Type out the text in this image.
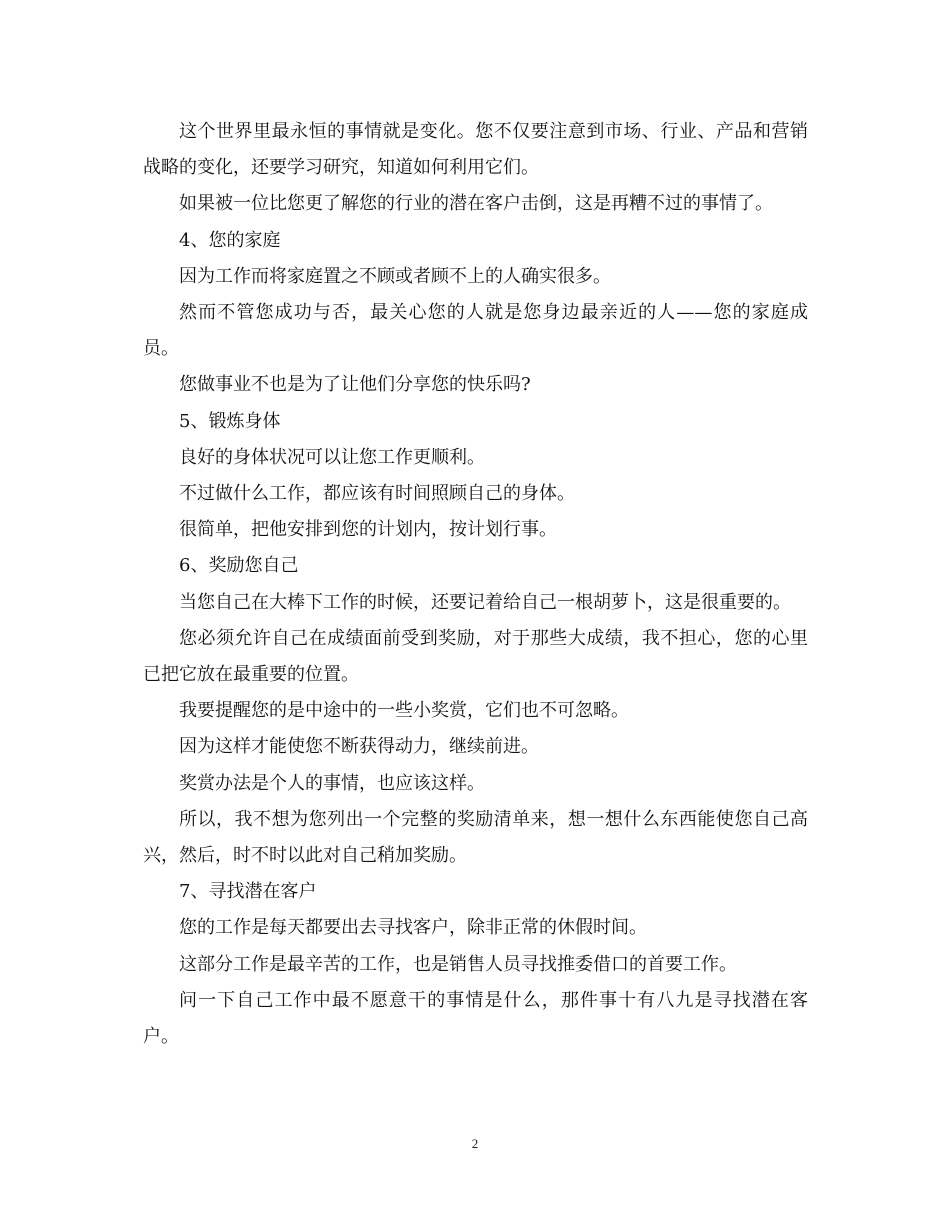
这个世界里最永恒的事情就是变化。您不仅要注意到市场、行业、产品和营销战略的变化，还要学习研究，知道如何利用它们。

如果被一位比您更了解您的行业的潜在客户击倒，这是再糟不过的事情了。

4、您的家庭

因为工作而将家庭置之不顾或者顾不上的人确实很多。

然而不管您成功与否，最关心您的人就是您身边最亲近的人——您的家庭成员。

您做事业不也是为了让他们分享您的快乐吗?

5、锻炼身体

良好的身体状况可以让您工作更顺利。

不过做什么工作，都应该有时间照顾自己的身体。

很简单，把他安排到您的计划内，按计划行事。

6、奖励您自己

当您自己在大棒下工作的时候，还要记着给自己一根胡萝卜，这是很重要的。

您必须允许自己在成绩面前受到奖励，对于那些大成绩，我不担心，您的心里已把它放在最重要的位置。

我要提醒您的是中途中的一些小奖赏，它们也不可忽略。

因为这样才能使您不断获得动力，继续前进。

奖赏办法是个人的事情，也应该这样。

所以，我不想为您列出一个完整的奖励清单来，想一想什么东西能使您自己高兴，然后，时不时以此对自己稍加奖励。

7、寻找潜在客户

您的工作是每天都要出去寻找客户，除非正常的休假时间。

这部分工作是最辛苦的工作，也是销售人员寻找推委借口的首要工作。

问一下自己工作中最不愿意干的事情是什么，那件事十有八九是寻找潜在客户。

2
